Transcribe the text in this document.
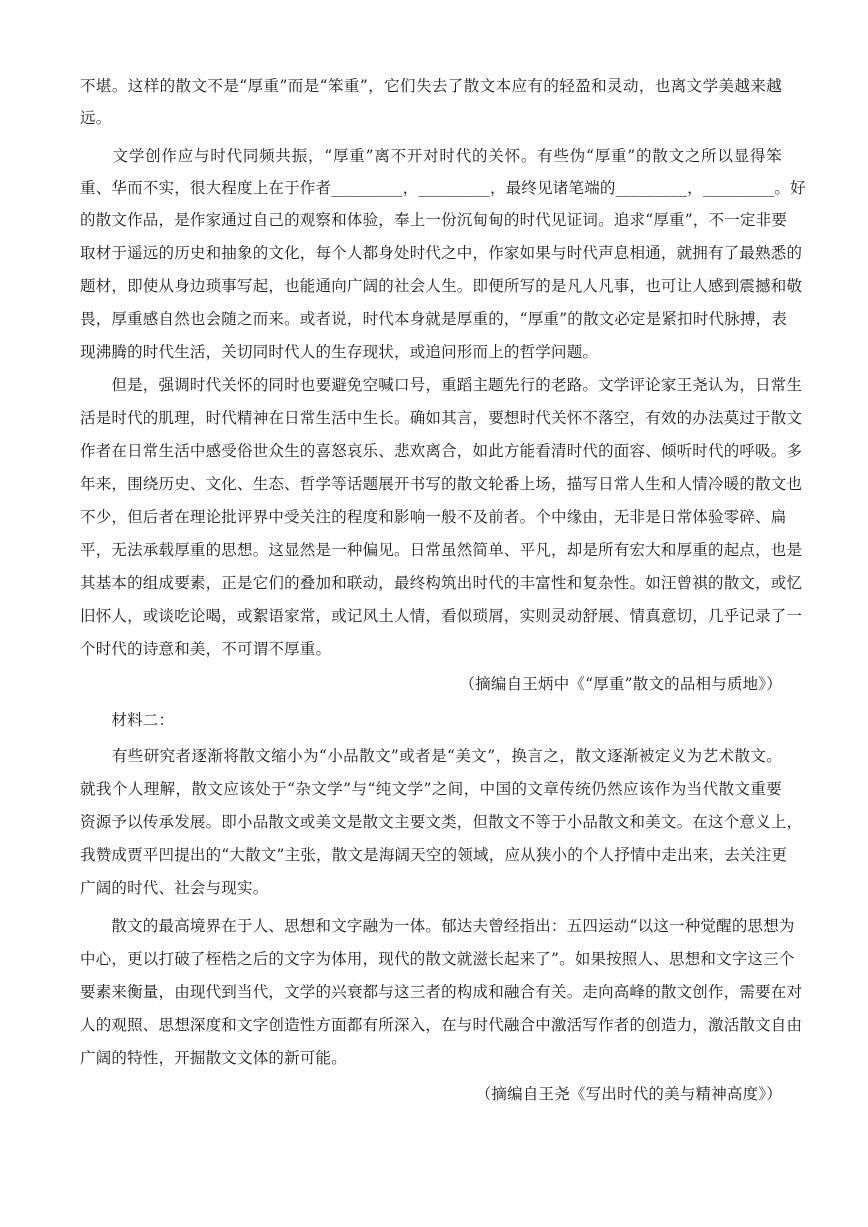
不堪。这样的散文不是“厚重”而是“笨重”，它们失去了散文本应有的轻盈和灵动，也离文学美越来越
远。
　　文学创作应与时代同频共振，“厚重”离不开对时代的关怀。有些伪“厚重”的散文之所以显得笨
重、华而不实，很大程度上在于作者_________，_________，最终见诸笔端的_________，_________。好
的散文作品，是作家通过自己的观察和体验，奉上一份沉甸甸的时代见证词。追求“厚重”，不一定非要
取材于遥远的历史和抽象的文化，每个人都身处时代之中，作家如果与时代声息相通，就拥有了最熟悉的
题材，即使从身边琐事写起，也能通向广阔的社会人生。即便所写的是凡人凡事，也可让人感到震撼和敬
畏，厚重感自然也会随之而来。或者说，时代本身就是厚重的，“厚重”的散文必定是紧扣时代脉搏，表
现沸腾的时代生活，关切同时代人的生存现状，或追问形而上的哲学问题。
　　但是，强调时代关怀的同时也要避免空喊口号，重蹈主题先行的老路。文学评论家王尧认为，日常生
活是时代的肌理，时代精神在日常生活中生长。确如其言，要想时代关怀不落空，有效的办法莫过于散文
作者在日常生活中感受俗世众生的喜怒哀乐、悲欢离合，如此方能看清时代的面容、倾听时代的呼吸。多
年来，围绕历史、文化、生态、哲学等话题展开书写的散文轮番上场，描写日常人生和人情冷暖的散文也
不少，但后者在理论批评界中受关注的程度和影响一般不及前者。个中缘由，无非是日常体验零碎、扁
平，无法承载厚重的思想。这显然是一种偏见。日常虽然简单、平凡，却是所有宏大和厚重的起点，也是
其基本的组成要素，正是它们的叠加和联动，最终构筑出时代的丰富性和复杂性。如汪曾祺的散文，或忆
旧怀人，或谈吃论喝，或絮语家常，或记风土人情，看似琐屑，实则灵动舒展、情真意切，几乎记录了一
个时代的诗意和美，不可谓不厚重。
（摘编自王炳中《“厚重”散文的品相与质地》）
　　材料二：
　　有些研究者逐渐将散文缩小为“小品散文”或者是“美文”，换言之，散文逐渐被定义为艺术散文。
就我个人理解，散文应该处于“杂文学”与“纯文学”之间，中国的文章传统仍然应该作为当代散文重要
资源予以传承发展。即小品散文或美文是散文主要文类，但散文不等于小品散文和美文。在这个意义上，
我赞成贾平凹提出的“大散文”主张，散文是海阔天空的领域，应从狭小的个人抒情中走出来，去关注更
广阔的时代、社会与现实。
　　散文的最高境界在于人、思想和文字融为一体。郁达夫曾经指出：五四运动“以这一种觉醒的思想为
中心，更以打破了桎梏之后的文字为体用，现代的散文就滋长起来了”。如果按照人、思想和文字这三个
要素来衡量，由现代到当代，文学的兴衰都与这三者的构成和融合有关。走向高峰的散文创作，需要在对
人的观照、思想深度和文字创造性方面都有所深入，在与时代融合中激活写作者的创造力，激活散文自由
广阔的特性，开掘散文文体的新可能。
（摘编自王尧《写出时代的美与精神高度》）
